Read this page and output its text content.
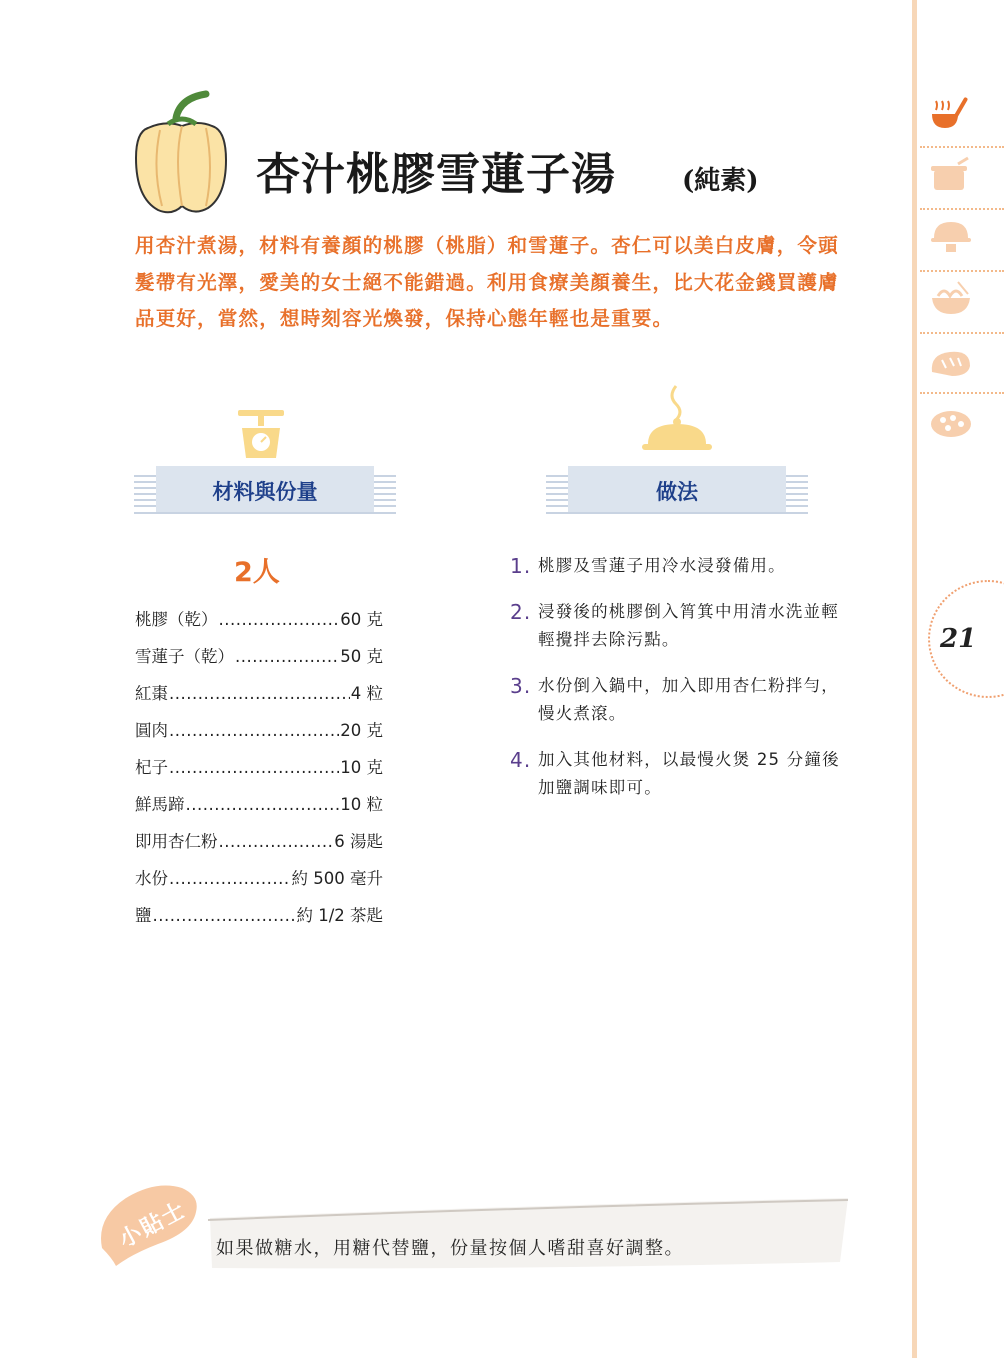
21
杏汁桃膠雪蓮子湯	(純素)

用杏汁煮湯，材料有養顏的桃膠（桃脂）和雪蓮子。杏仁可以美白皮膚，令頭髮帶有光澤，愛美的女士絕不能錯過。利用食療美顏養生，比大花金錢買護膚品更好，當然，想時刻容光煥發，保持心態年輕也是重要。

材料與份量	做法
2人
桃膠（乾） .....	60 克
雪蓮子（乾） .....	50 克
紅棗 .....	4 粒
圓肉 .....	20 克
杞子 .....	10 克
鮮馬蹄 .....	10 粒
即用杏仁粉 .....	6 湯匙
水份 .....	約 500 毫升
鹽 .....	約 1/2 茶匙
1. 桃膠及雪蓮子用冷水浸發備用。
2. 浸發後的桃膠倒入筲箕中用清水洗並輕輕攪拌去除污點。
3. 水份倒入鍋中，加入即用杏仁粉拌勻，慢火煮滾。
4. 加入其他材料，以最慢火煲 25 分鐘後加鹽調味即可。
小貼士	如果做糖水，用糖代替鹽，份量按個人嗜甜喜好調整。
